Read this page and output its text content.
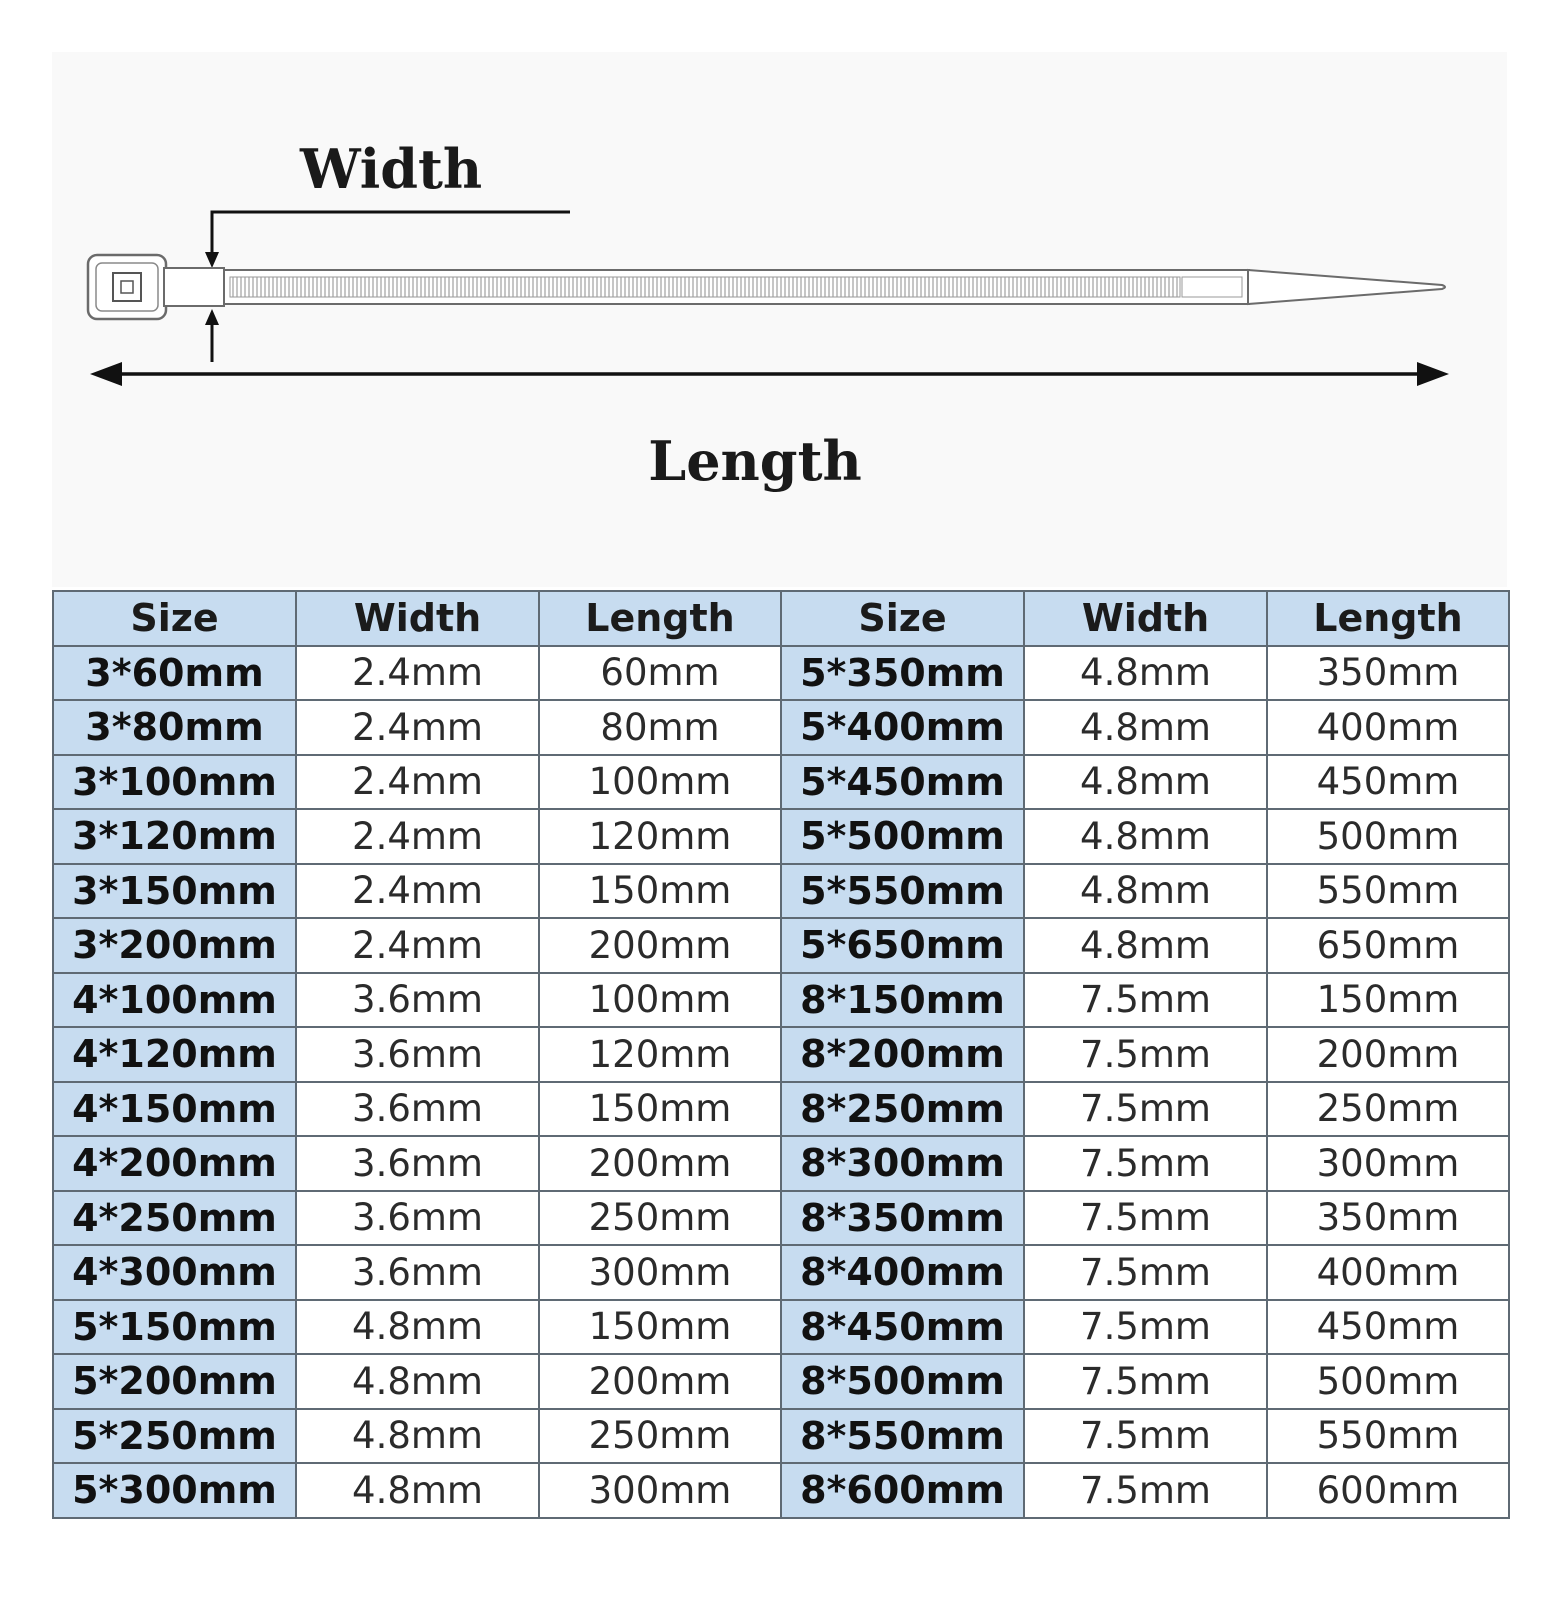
Width
Length
Size	Width	Length	Size	Width	Length
3*60mm	2.4mm	60mm	5*350mm	4.8mm	350mm
3*80mm	2.4mm	80mm	5*400mm	4.8mm	400mm
3*100mm	2.4mm	100mm	5*450mm	4.8mm	450mm
3*120mm	2.4mm	120mm	5*500mm	4.8mm	500mm
3*150mm	2.4mm	150mm	5*550mm	4.8mm	550mm
3*200mm	2.4mm	200mm	5*650mm	4.8mm	650mm
4*100mm	3.6mm	100mm	8*150mm	7.5mm	150mm
4*120mm	3.6mm	120mm	8*200mm	7.5mm	200mm
4*150mm	3.6mm	150mm	8*250mm	7.5mm	250mm
4*200mm	3.6mm	200mm	8*300mm	7.5mm	300mm
4*250mm	3.6mm	250mm	8*350mm	7.5mm	350mm
4*300mm	3.6mm	300mm	8*400mm	7.5mm	400mm
5*150mm	4.8mm	150mm	8*450mm	7.5mm	450mm
5*200mm	4.8mm	200mm	8*500mm	7.5mm	500mm
5*250mm	4.8mm	250mm	8*550mm	7.5mm	550mm
5*300mm	4.8mm	300mm	8*600mm	7.5mm	600mm
